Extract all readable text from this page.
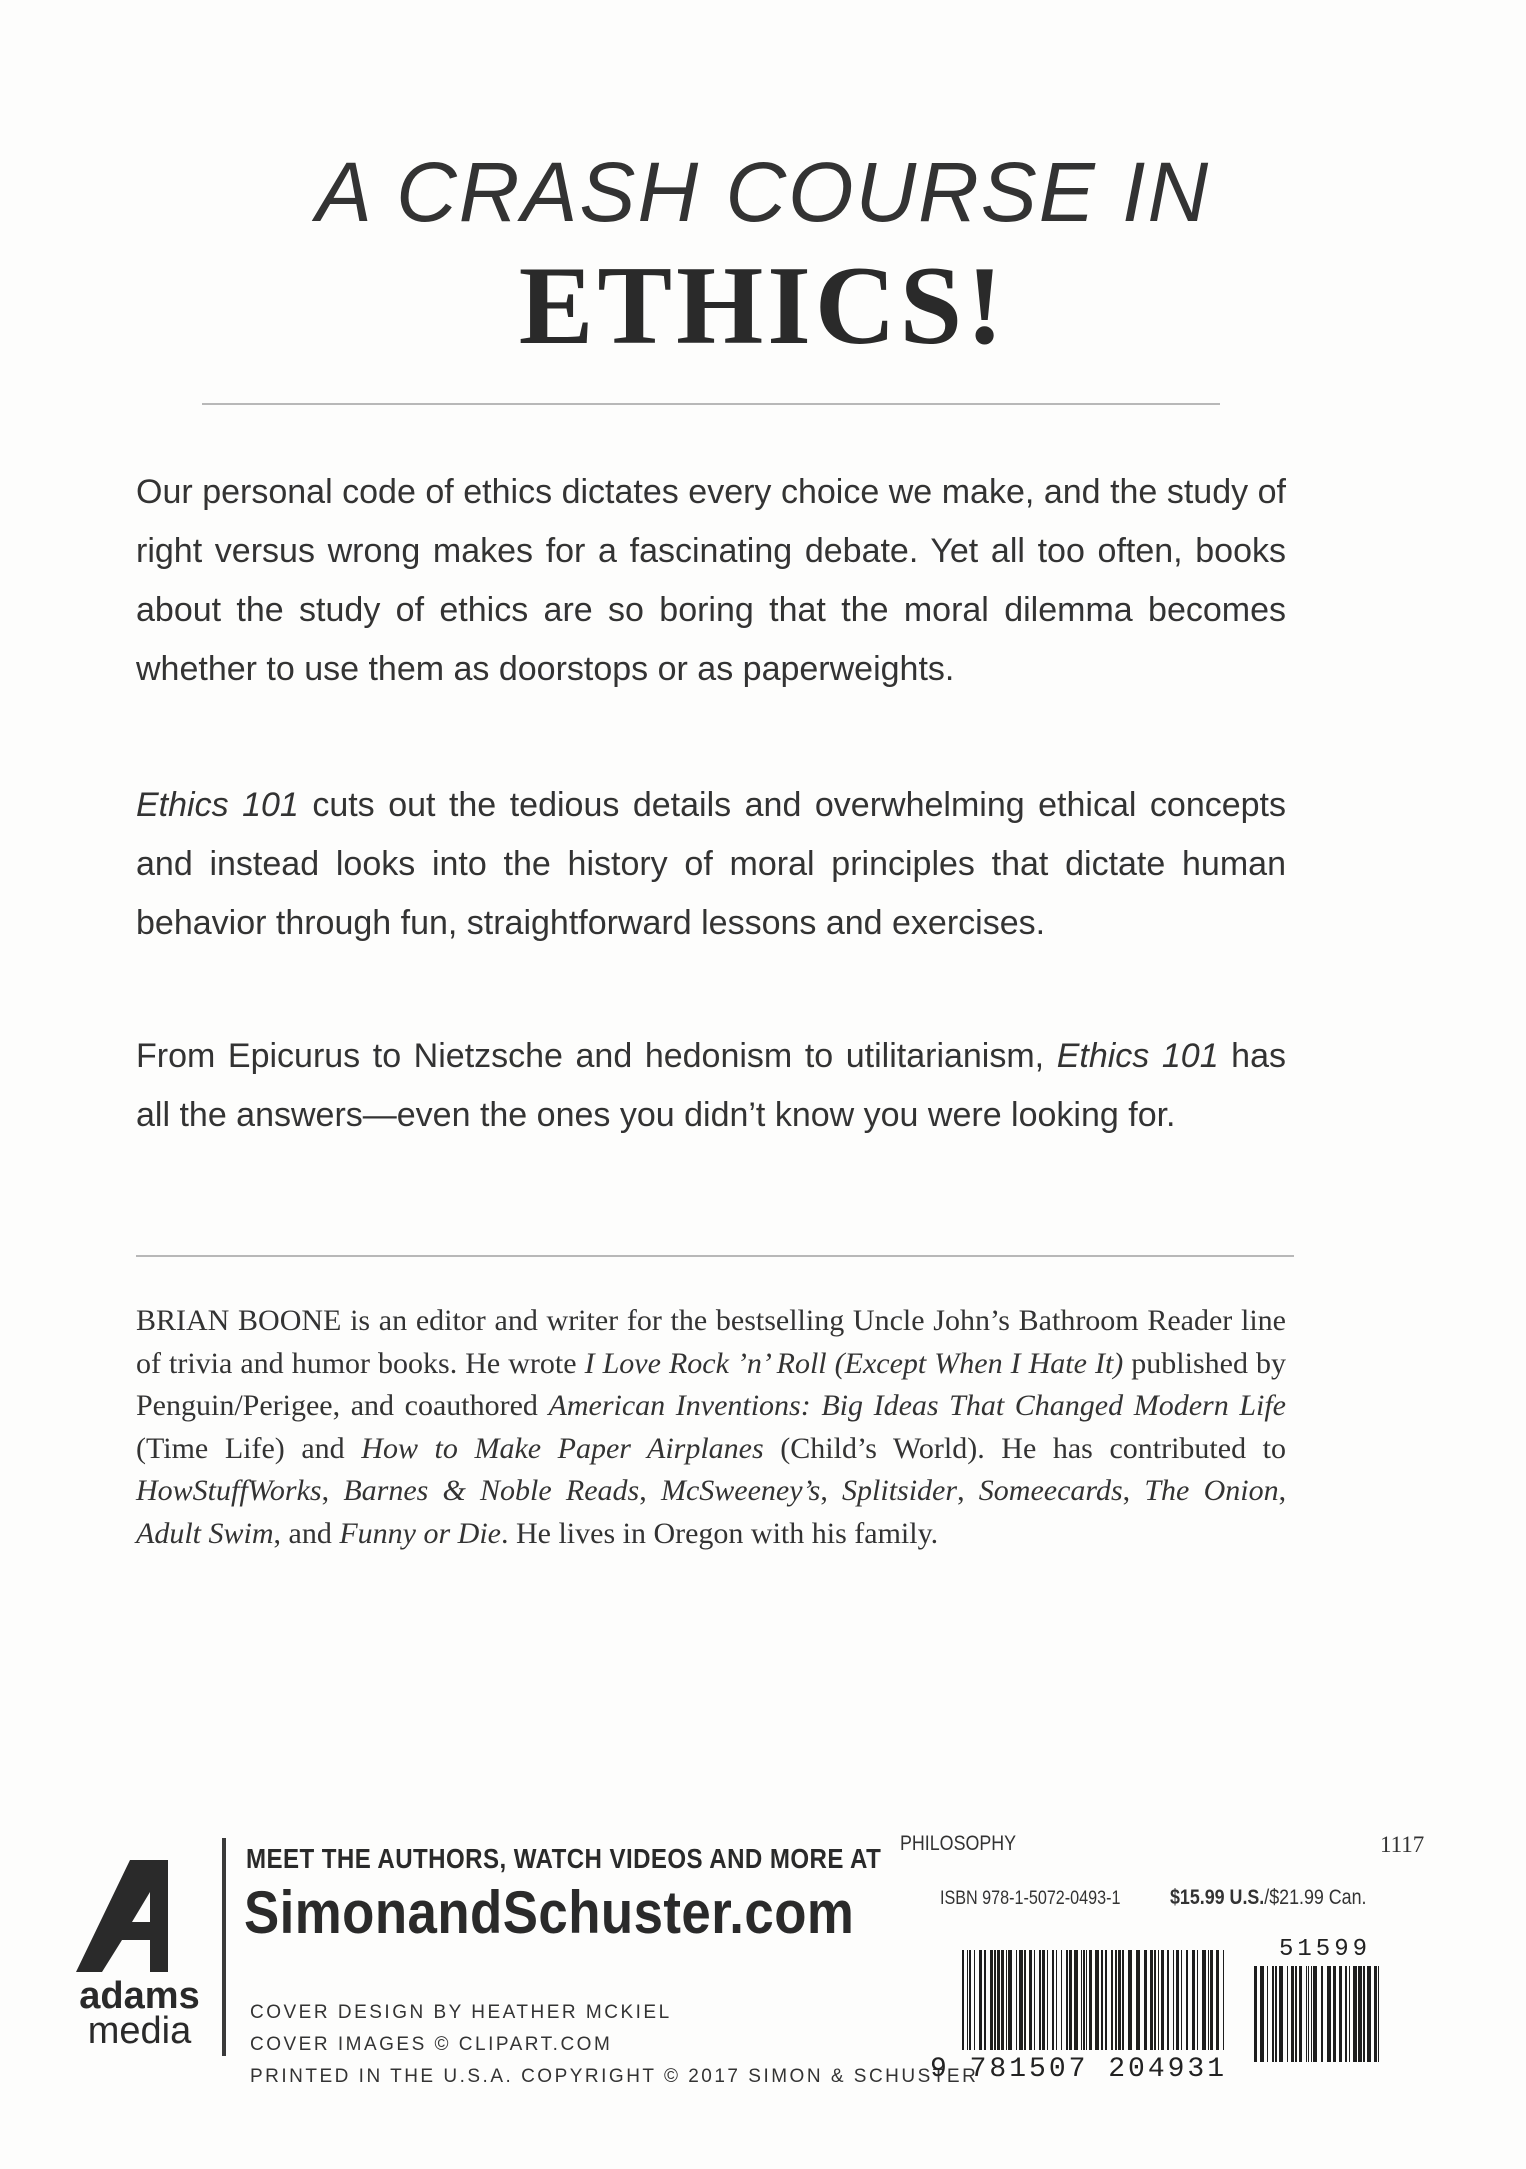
A CRASH COURSE IN
ETHICS!

Our personal code of ethics dictates every choice we make, and the study of right versus wrong makes for a fascinating debate. Yet all too often, books about the study of ethics are so boring that the moral dilemma becomes whether to use them as doorstops or as paperweights.

Ethics 101 cuts out the tedious details and overwhelming ethical concepts and instead looks into the history of moral principles that dictate human behavior through fun, straightforward lessons and exercises.

From Epicurus to Nietzsche and hedonism to utilitarianism, Ethics 101 has all the answers—even the ones you didn’t know you were looking for.

BRIAN BOONE is an editor and writer for the bestselling Uncle John’s Bathroom Reader line of trivia and humor books. He wrote I Love Rock ’n’ Roll (Except When I Hate It) published by Penguin/Perigee, and coauthored American Inventions: Big Ideas That Changed Modern Life (Time Life) and How to Make Paper Airplanes (Child’s World). He has contributed to HowStuffWorks, Barnes & Noble Reads, McSweeney’s, Splitsider, Someecards, The Onion, Adult Swim, and Funny or Die. He lives in Oregon with his family.

adams
media
MEET THE AUTHORS, WATCH VIDEOS AND MORE AT
SimonandSchuster.com
COVER DESIGN BY HEATHER MCKIEL
COVER IMAGES © CLIPART.COM
PRINTED IN THE U.S.A. COPYRIGHT © 2017 SIMON & SCHUSTER
PHILOSOPHY	1117
ISBN 978-1-5072-0493-1 $15.99 U.S./$21.99 Can.
51599
9 781507 204931
